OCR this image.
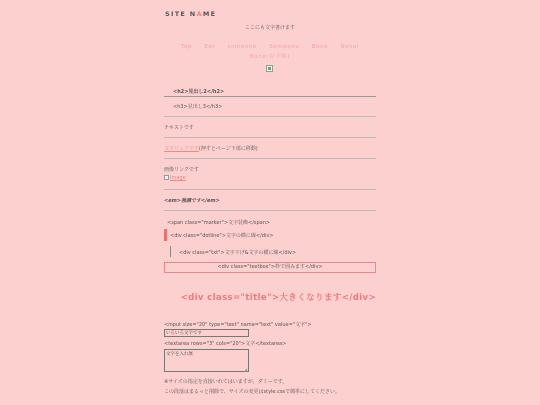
SITE NAME
ここにも文字書けます
Top Eat someone Someone Bone Novel
Bone(以下略)
<h2>見出し2</h2>
<h3>見出し3</h3>
テキストです
文字リンクです(押すとページ下部に移動)
画像リンクです
Image
<em>強調です</em>
<span class="marker">文字装飾</span>
<div class="dotline">文字の横に線</div>
<div class="txt">文字下げ&文字の横に線</div>
<div class="textbox">枠で囲みます</div>
<div class="title">大きくなります</div>
<input size="20" type="text" name="text" value="文字">
いろいろ文字です
<textarea rows="3" cols="20">文字</textarea>
文字を入れ無
◢
※サイズの指定を直接いれてはいますが、ダミーです。
この段落はまるっと削除で、サイズの変更はstyle.cssで簡単にしてください。
